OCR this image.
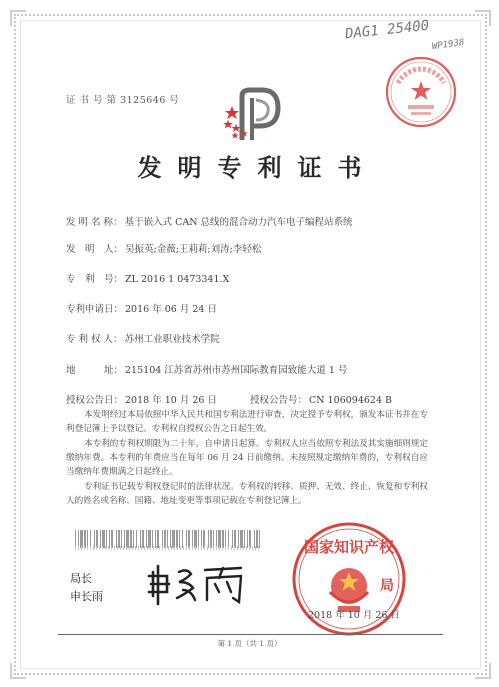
DAG1 25400
WP1938
证 书 号 第 3125646 号
发明专利证书
发 明 名 称： 基于嵌入式 CAN 总线的混合动力汽车电子编程站系统
发　明　人： 吴振英;金薇;王莉莉;刘涛;李轻松
专　利　号： ZL 2016 1 0473341.X
专利申请日： 2016 年 06 月 24 日
专 利 权 人： 苏州工业职业技术学院
地　　　址： 215104 江苏省苏州市苏州国际教育园致能大道 1 号
授权公告日： 2018 年 10 月 26 日	授权公告号： CN 106094624 B
本发明经过本局依照中华人民共和国专利法进行审查，决定授予专利权，颁发本证书并在专利登记簿上予以登记。专利权自授权公告之日起生效。
本专利的专利权期限为二十年，自申请日起算。专利权人应当依照专利法及其实施细则规定缴纳年费。本专利的年费应当在每年 06 月 24 日前缴纳。未按照规定缴纳年费的，专利权自应当缴纳年费期满之日起终止。
专利证书记载专利权登记时的法律状况。专利权的转移、质押、无效、终止、恢复和专利权人的姓名或名称、国籍、地址变更等事项记载在专利登记簿上。
局长
申长雨
国家知识产权
局
2018 年 10 月 26 日
第 1 页（共 1 页）
